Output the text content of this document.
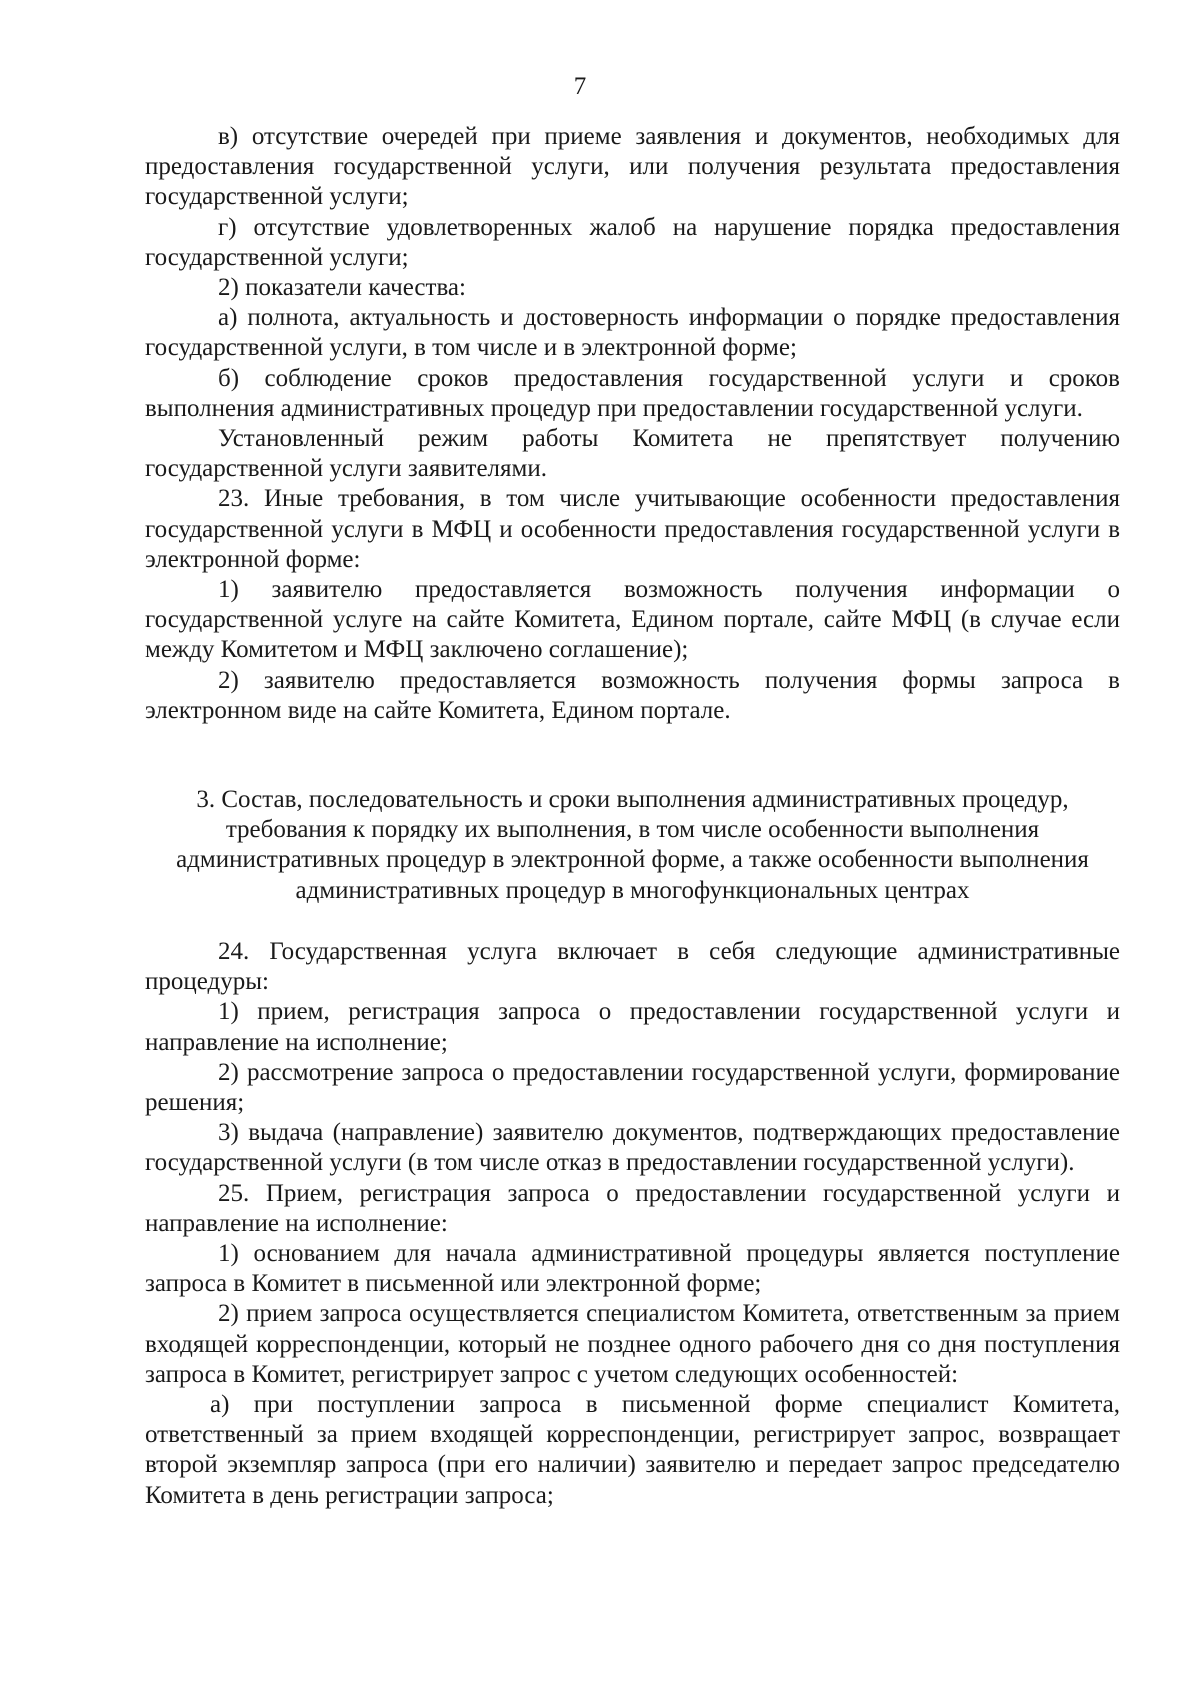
7

в) отсутствие очередей при приеме заявления и документов, необходимых для предоставления государственной услуги, или получения результата предоставления государственной услуги;

г) отсутствие удовлетворенных жалоб на нарушение порядка предоставления государственной услуги;

2) показатели качества:

а) полнота, актуальность и достоверность информации о порядке предоставления государственной услуги, в том числе и в электронной форме;

б) соблюдение сроков предоставления государственной услуги и сроков выполнения административных процедур при предоставлении государственной услуги.

Установленный режим работы Комитета не препятствует получению государственной услуги заявителями.

23. Иные требования, в том числе учитывающие особенности предоставления государственной услуги в МФЦ и особенности предоставления государственной услуги в электронной форме:

1) заявителю предоставляется возможность получения информации о государственной услуге на сайте Комитета, Едином портале, сайте МФЦ (в случае если между Комитетом и МФЦ заключено соглашение);

2) заявителю предоставляется возможность получения формы запроса в электронном виде на сайте Комитета, Едином портале.

3. Состав, последовательность и сроки выполнения административных процедур,
требования к порядку их выполнения, в том числе особенности выполнения
административных процедур в электронной форме, а также особенности выполнения
административных процедур в многофункциональных центрах

24. Государственная услуга включает в себя следующие административные процедуры:

1) прием, регистрация запроса о предоставлении государственной услуги и направление на исполнение;

2) рассмотрение запроса о предоставлении государственной услуги, формирование решения;

3) выдача (направление) заявителю документов, подтверждающих предоставление государственной услуги (в том числе отказ в предоставлении государственной услуги).

25. Прием, регистрация запроса о предоставлении государственной услуги и направление на исполнение:

1) основанием для начала административной процедуры является поступление запроса в Комитет в письменной или электронной форме;

2) прием запроса осуществляется специалистом Комитета, ответственным за прием входящей корреспонденции, который не позднее одного рабочего дня со дня поступления запроса в Комитет, регистрирует запрос с учетом следующих особенностей:

а) при поступлении запроса в письменной форме специалист Комитета, ответственный за прием входящей корреспонденции, регистрирует запрос, возвращает второй экземпляр запроса (при его наличии) заявителю и передает запрос председателю Комитета в день регистрации запроса;
